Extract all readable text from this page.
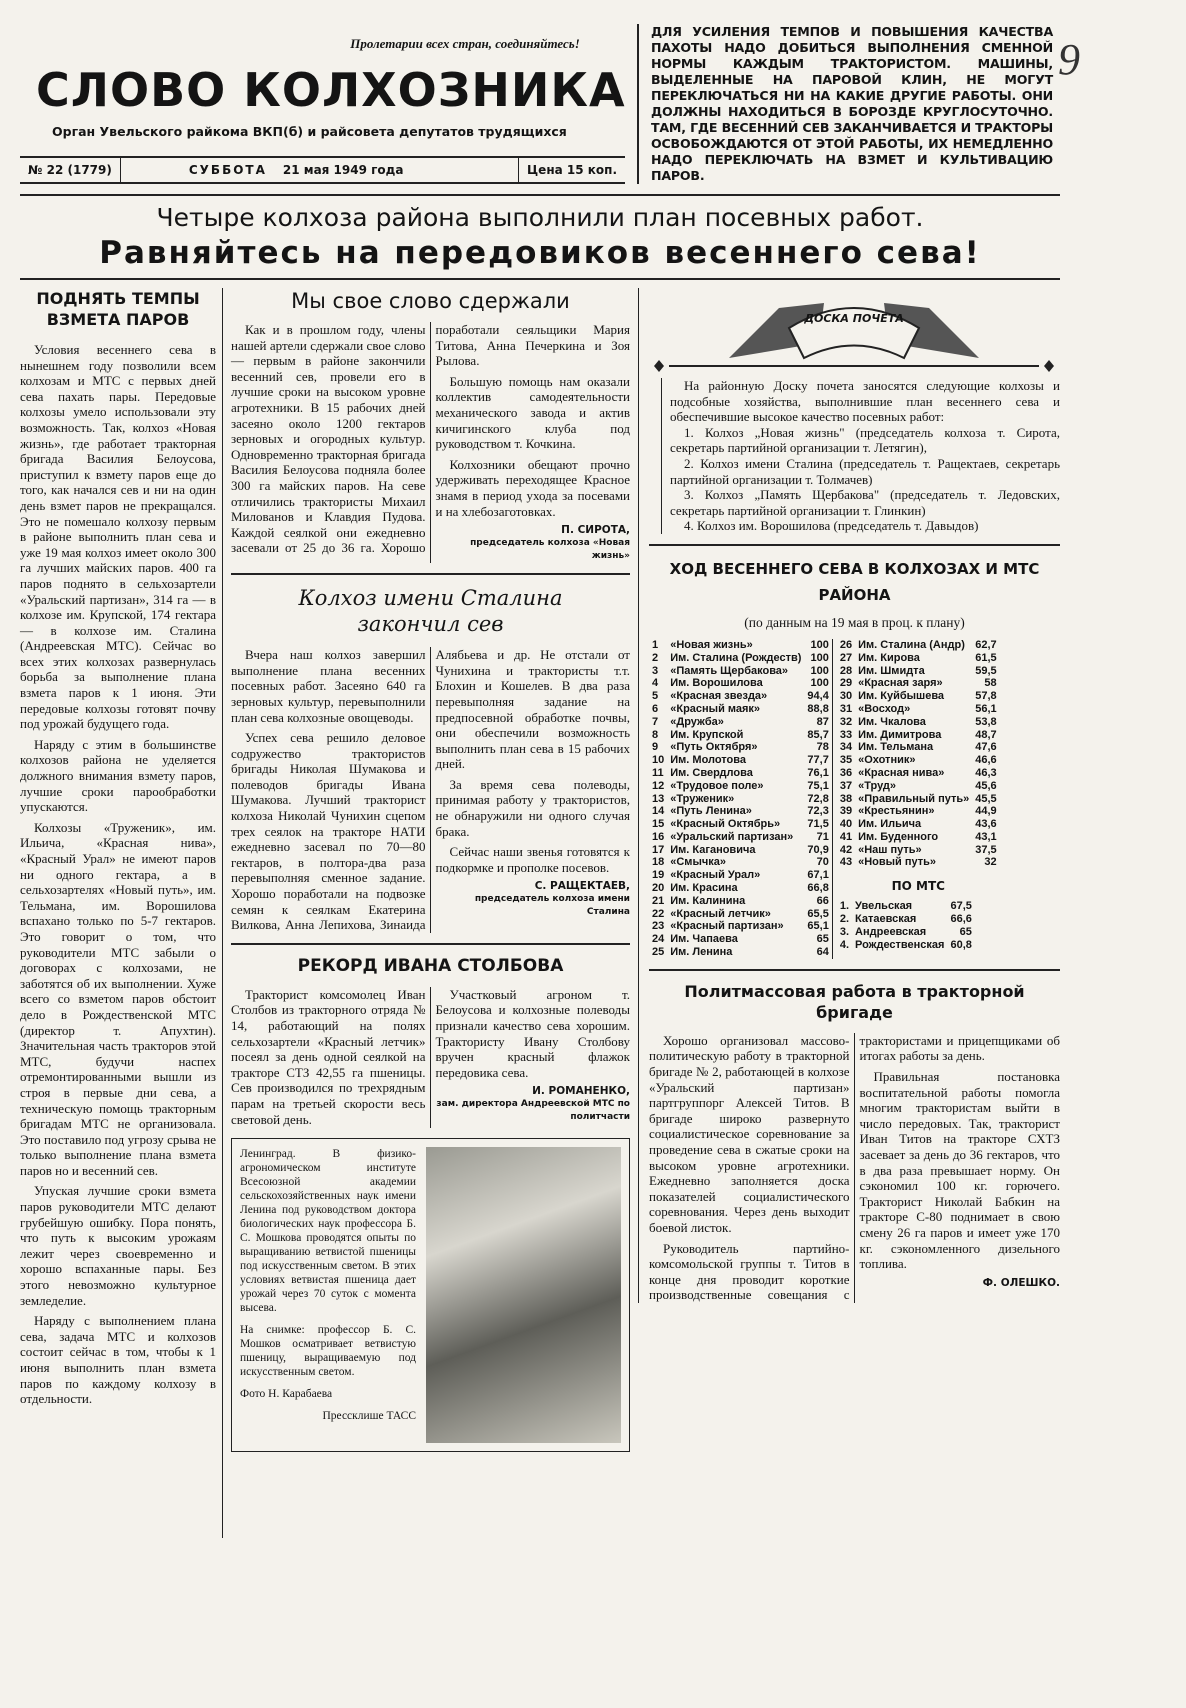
9
Пролетарии всех стран, соединяйтесь!
СЛОВО КОЛХОЗНИКА
Орган Увельского райкома ВКП(б) и райсовета депутатов трудящихся
№ 22 (1779)	СУББОТА	21 мая 1949 года	Цена 15 коп.
ДЛЯ УСИЛЕНИЯ ТЕМПОВ И ПОВЫШЕНИЯ КАЧЕСТВА ПАХОТЫ НАДО ДОБИТЬСЯ ВЫПОЛНЕНИЯ СМЕННОЙ НОРМЫ КАЖДЫМ ТРАКТОРИСТОМ. МАШИНЫ, ВЫДЕЛЕННЫЕ НА ПАРОВОЙ КЛИН, НЕ МОГУТ ПЕРЕКЛЮЧАТЬСЯ НИ НА КАКИЕ ДРУГИЕ РАБОТЫ. ОНИ ДОЛЖНЫ НАХОДИТЬСЯ В БОРОЗДЕ КРУГЛОСУТОЧНО. ТАМ, ГДЕ ВЕСЕННИЙ СЕВ ЗАКАНЧИВАЕТСЯ И ТРАКТОРЫ ОСВОБОЖДАЮТСЯ ОТ ЭТОЙ РАБОТЫ, ИХ НЕМЕДЛЕННО НАДО ПЕРЕКЛЮЧАТЬ НА ВЗМЕТ И КУЛЬТИВАЦИЮ ПАРОВ.
Четыре колхоза района выполнили план посевных работ.
Равняйтесь на передовиков весеннего сева!
ПОДНЯТЬ ТЕМПЫ ВЗМЕТА ПАРОВ

Условия весеннего сева в нынешнем году позволили всем колхозам и МТС с первых дней сева пахать пары. Передовые колхозы умело использовали эту возможность. Так, колхоз «Новая жизнь», где работает тракторная бригада Василия Белоусова, приступил к взмету паров еще до того, как начался сев и ни на один день взмет паров не прекращался. Это не помешало колхозу первым в районе выполнить план сева и уже 19 мая колхоз имеет около 300 га лучших майских паров. 400 га паров поднято в сельхозартели «Уральский партизан», 314 га — в колхозе им. Крупской, 174 гектара — в колхозе им. Сталина (Андреевская МТС). Сейчас во всех этих колхозах развернулась борьба за выполнение плана взмета паров к 1 июня. Эти передовые колхозы готовят почву под урожай будущего года.

Наряду с этим в большинстве колхозов района не уделяется должного внимания взмету паров, лучшие сроки парообработки упускаются.

Колхозы «Труженик», им. Ильича, «Красная нива», «Красный Урал» не имеют паров ни одного гектара, а в сельхозартелях «Новый путь», им. Тельмана, им. Ворошилова вспахано только по 5-7 гектаров. Это говорит о том, что руководители МТС забыли о договорах с колхозами, не заботятся об их выполнении. Хуже всего со взметом паров обстоит дело в Рождественской МТС (директор т. Апухтин). Значительная часть тракторов этой МТС, будучи наспех отремонтированными вышли из строя в первые дни сева, а техническую помощь тракторным бригадам МТС не организовала. Это поставило под угрозу срыва не только выполнение плана взмета паров но и весенний сев.

Упуская лучшие сроки взмета паров руководители МТС делают грубейшую ошибку. Пора понять, что путь к высоким урожаям лежит через своевременно и хорошо вспаханные пары. Без этого невозможно культурное земледелие.

Наряду с выполнением плана сева, задача МТС и колхозов состоит сейчас в том, чтобы к 1 июня выполнить план взмета паров по каждому колхозу в отдельности.

Мы свое слово сдержали

Как и в прошлом году, члены нашей артели сдержали свое слово — первым в районе закончили весенний сев, провели его в лучшие сроки на высоком уровне агротехники. В 15 рабочих дней засеяно около 1200 гектаров зерновых и огородных культур. Одновременно тракторная бригада Василия Белоусова подняла более 300 га майских паров. На севе отличились трактористы Михаил Милованов и Клавдия Пудова. Каждой сеялкой они ежедневно засевали от 25 до 36 га. Хорошо поработали сеяльщики Мария Титова, Анна Печеркина и Зоя Рылова.

Большую помощь нам оказали коллектив самодеятельности механического завода и актив кичигинского клуба под руководством т. Кочкина.

Колхозники обещают прочно удерживать переходящее Красное знамя в период ухода за посевами и на хлебозаготовках.

П. СИРОТА,
председатель колхоза «Новая жизнь»
Колхоз имени Сталина закончил сев

Вчера наш колхоз завершил выполнение плана весенних посевных работ. Засеяно 640 га зерновых культур, перевыполнили план сева колхозные овощеводы.

Успех сева решило деловое содружество трактористов бригады Николая Шумакова и полеводов бригады Ивана Шумакова. Лучший тракторист колхоза Николай Чунихин сцепом трех сеялок на тракторе НАТИ ежедневно засевал по 70—80 гектаров, в полтора-два раза перевыполняя сменное задание. Хорошо поработали на подвозке семян к сеялкам Екатерина Вилкова, Анна Лепихова, Зинаида Алябьева и др. Не отстали от Чунихина и трактористы т.т. Блохин и Кошелев. В два раза перевыполняя задание на предпосевной обработке почвы, они обеспечили возможность выполнить план сева в 15 рабочих дней.

За время сева полеводы, принимая работу у трактористов, не обнаружили ни одного случая брака.

Сейчас наши звенья готовятся к подкормке и прополке посевов.

С. РАЩЕКТАЕВ,
председатель колхоза имени Сталина
РЕКОРД ИВАНА СТОЛБОВА

Тракторист комсомолец Иван Столбов из тракторного отряда № 14, работающий на полях сельхозартели «Красный летчик» посеял за день одной сеялкой на тракторе СТЗ 42,55 га пшеницы. Сев производился по трехрядным парам на третьей скорости весь световой день.

Участковый агроном т. Белоусова и колхозные полеводы признали качество сева хорошим. Трактористу Ивану Столбову вручен красный флажок передовика сева.

И. РОМАНЕНКО,
зам. директора Андреевской МТС по политчасти
Ленинград. В физико-агрономическом институте Всесоюзной академии сельскохозяйственных наук имени Ленина под руководством доктора биологических наук профессора Б. С. Мошкова проводятся опыты по выращиванию ветвистой пшеницы под искусственным светом. В этих условиях ветвистая пшеница дает урожай через 70 суток с момента высева.
На снимке: профессор Б. С. Мошков осматривает ветвистую пшеницу, выращиваемую под искусственным светом.
Фото Н. Карабаева
Прессклише ТАСС
ДОСКА ПОЧЕТА

На районную Доску почета заносятся следующие колхозы и подсобные хозяйства, выполнившие план весеннего сева и обеспечившие высокое качество посевных работ:

1. Колхоз „Новая жизнь" (председатель колхоза т. Сирота, секретарь партийной организации т. Летягин),

2. Колхоз имени Сталина (председатель т. Ращектаев, секретарь партийной организации т. Толмачев)

3. Колхоз „Память Щербакова" (председатель т. Ледовских, секретарь партийной организации т. Глинкин)

4. Колхоз им. Ворошилова (председатель т. Давыдов)

ХОД ВЕСЕННЕГО СЕВА В КОЛХОЗАХ И МТС РАЙОНА
(по данным на 19 мая в проц. к плану)
1	«Новая жизнь»	100
2	Им. Сталина (Рождеств)	100
3	«Память Щербакова»	100
4	Им. Ворошилова	100
5	«Красная звезда»	94,4
6	«Красный маяк»	88,8
7	«Дружба»	87
8	Им. Крупской	85,7
9	«Путь Октября»	78
10	Им. Молотова	77,7
11	Им. Свердлова	76,1
12	«Трудовое поле»	75,1
13	«Труженик»	72,8
14	«Путь Ленина»	72,3
15	«Красный Октябрь»	71,5
16	«Уральский партизан»	71
17	Им. Кагановича	70,9
18	«Смычка»	70
19	«Красный Урал»	67,1
20	Им. Красина	66,8
21	Им. Калинина	66
22	«Красный летчик»	65,5
23	«Красный партизан»	65,1
24	Им. Чапаева	65
25	Им. Ленина	64
26	Им. Сталина (Андр)	62,7
27	Им. Кирова	61,5
28	Им. Шмидта	59,5
29	«Красная заря»	58
30	Им. Куйбышева	57,8
31	«Восход»	56,1
32	Им. Чкалова	53,8
33	Им. Димитрова	48,7
34	Им. Тельмана	47,6
35	«Охотник»	46,6
36	«Красная нива»	46,3
37	«Труд»	45,6
38	«Правильный путь»	45,5
39	«Крестьянин»	44,9
40	Им. Ильича	43,6
41	Им. Буденного	43,1
42	«Наш путь»	37,5
43	«Новый путь»	32
ПО МТС
1.	Увельская	67,5
2.	Катаевская	66,6
3.	Андреевская	65
4.	Рождественская	60,8
Политмассовая работа в тракторной бригаде

Хорошо организовал массово-политическую работу в тракторной бригаде № 2, работающей в колхозе «Уральский партизан» партгруппорг Алексей Титов. В бригаде широко развернуто социалистическое соревнование за проведение сева в сжатые сроки на высоком уровне агротехники. Ежедневно заполняется доска показателей социалистического соревнования. Через день выходит боевой листок.

Руководитель партийно-комсомольской группы т. Титов в конце дня проводит короткие производственные совещания с трактористами и прицепщиками об итогах работы за день.

Правильная постановка воспитательной работы помогла многим трактористам выйти в число передовых. Так, тракторист Иван Титов на тракторе СХТЗ засевает за день до 36 гектаров, что в два раза превышает норму. Он сэкономил 100 кг. горючего. Тракторист Николай Бабкин на тракторе С-80 поднимает в свою смену 26 га паров и имеет уже 170 кг. сэкономленного дизельного топлива.

Ф. ОЛЕШКО.
